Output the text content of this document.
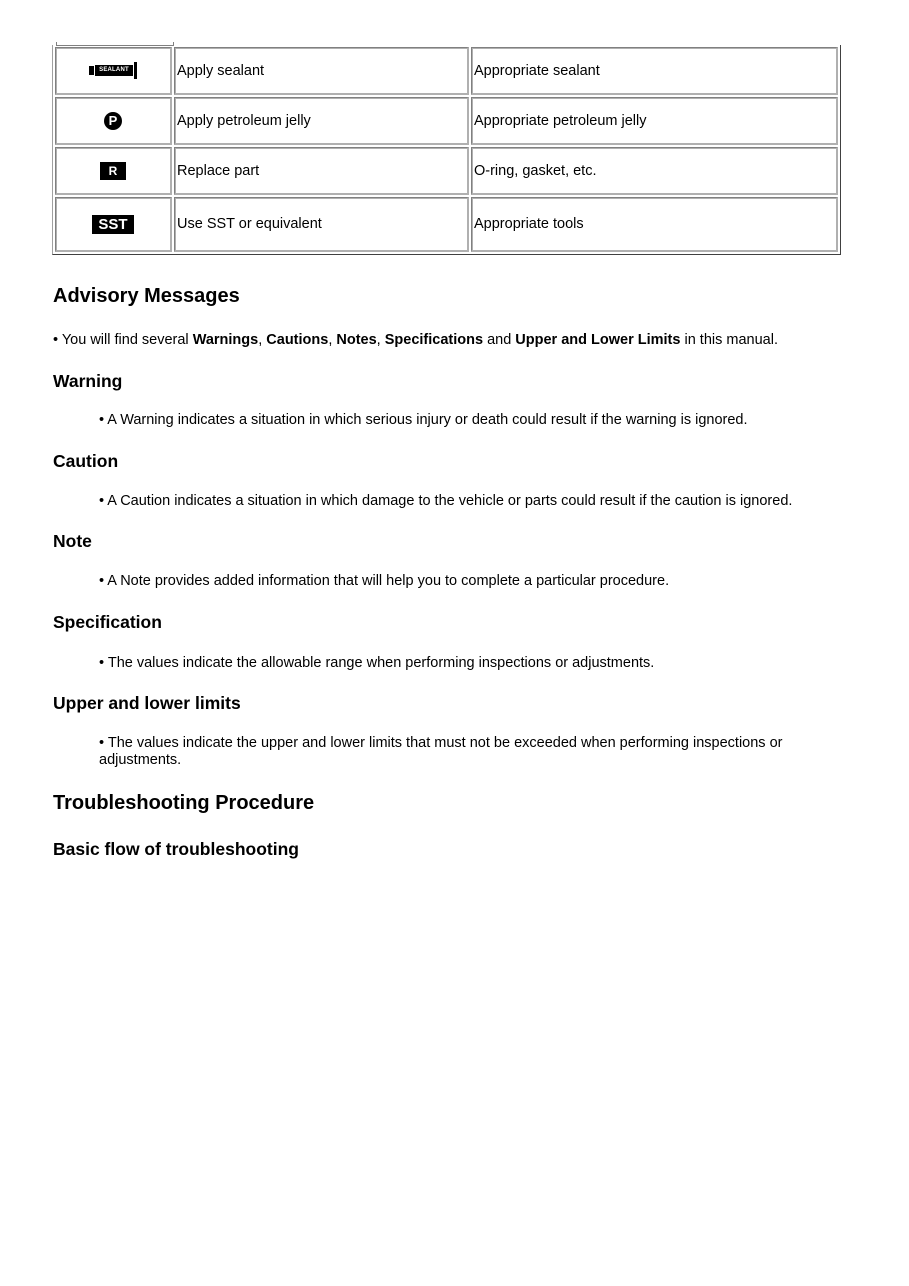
SEALANT	Apply sealant	Appropriate sealant
P	Apply petroleum jelly	Appropriate petroleum jelly
R	Replace part	O-ring, gasket, etc.
SST	Use SST or equivalent	Appropriate tools
Advisory Messages

• You will find several Warnings, Cautions, Notes, Specifications and Upper and Lower Limits in this manual.

Warning

• A Warning indicates a situation in which serious injury or death could result if the warning is ignored.

Caution

• A Caution indicates a situation in which damage to the vehicle or parts could result if the caution is ignored.

Note

• A Note provides added information that will help you to complete a particular procedure.

Specification

• The values indicate the allowable range when performing inspections or adjustments.

Upper and lower limits

• The values indicate the upper and lower limits that must not be exceeded when performing inspections or adjustments.

Troubleshooting Procedure
Basic flow of troubleshooting
